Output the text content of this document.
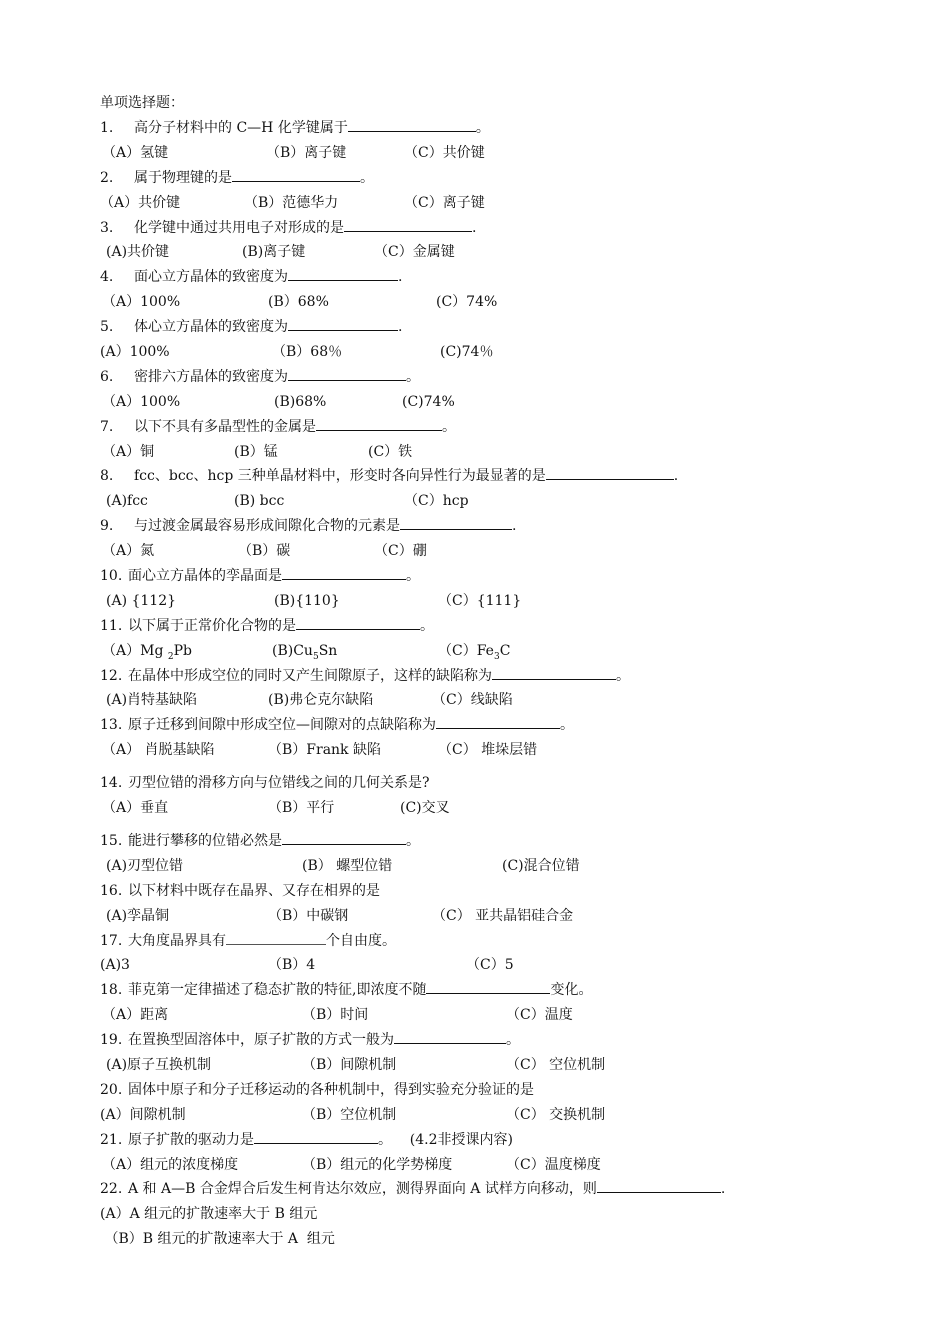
单项选择题：
1. 高分子材料中的 C—H 化学键属于	。
（A）氢键	（B）离子键	（C）共价键
2. 属于物理键的是	。
（A）共价键	（B）范德华力	（C）离子键
3. 化学键中通过共用电子对形成的是	.
(A)共价键	(B)离子键	（C）金属键
4. 面心立方晶体的致密度为	.
（A）100%	(B）68%	(C）74%
5. 体心立方晶体的致密度为	.
(A）100%	（B）68％	(C)74％
6. 密排六方晶体的致密度为	。
（A）100%	(B)68%	(C)74%
7. 以下不具有多晶型性的金属是	。
（A）铜	(B）锰	(C）铁
8. fcc、bcc、hcp 三种单晶材料中，形变时各向异性行为最显著的是	.
(A)fcc	(B) bcc	（C）hcp
9. 与过渡金属最容易形成间隙化合物的元素是	.
（A）氮	（B）碳	（C）硼
10. 面心立方晶体的孪晶面是	。
(A) {112}	(B){110}	（C）{111}
11. 以下属于正常价化合物的是	。
（A）Mg $_2$Pb	$(B)Cu_5Sn$	$(C)Fe_3C$
12. 在晶体中形成空位的同时又产生间隙原子，这样的缺陷称为	。
(A)肖特基缺陷	(B)弗仑克尔缺陷	（C）线缺陷
13. 原子迁移到间隙中形成空位—间隙对的点缺陷称为	。
（A） 肖脱基缺陷	（B）Frank 缺陷	（C） 堆垛层错
14. 刃型位错的滑移方向与位错线之间的几何关系是?
（A）垂直	（B）平行	(C)交叉
15. 能进行攀移的位错必然是	。
(A)刃型位错	(B） 螺型位错	(C)混合位错
16. 以下材料中既存在晶界、又存在相界的是
(A)孪晶铜	（B）中碳钢	（C） 亚共晶铝硅合金
17. 大角度晶界具有	个自由度。
(A)3	（B）4	（C）5
18. 菲克第一定律描述了稳态扩散的特征,即浓度不随	变化。
（A）距离	（B）时间	（C）温度
19. 在置换型固溶体中，原子扩散的方式一般为	。
(A)原子互换机制	（B）间隙机制	（C） 空位机制
20. 固体中原子和分子迁移运动的各种机制中，得到实验充分验证的是
(A）间隙机制	（B）空位机制	（C） 交换机制
21. 原子扩散的驱动力是	。    (4.2非授课内容)
（A）组元的浓度梯度	（B）组元的化学势梯度	（C）温度梯度
22. A 和 A—B 合金焊合后发生柯肯达尔效应，测得界面向 A 试样方向移动，则	.
(A）A 组元的扩散速率大于 B 组元
（B）B 组元的扩散速率大于 A  组元
